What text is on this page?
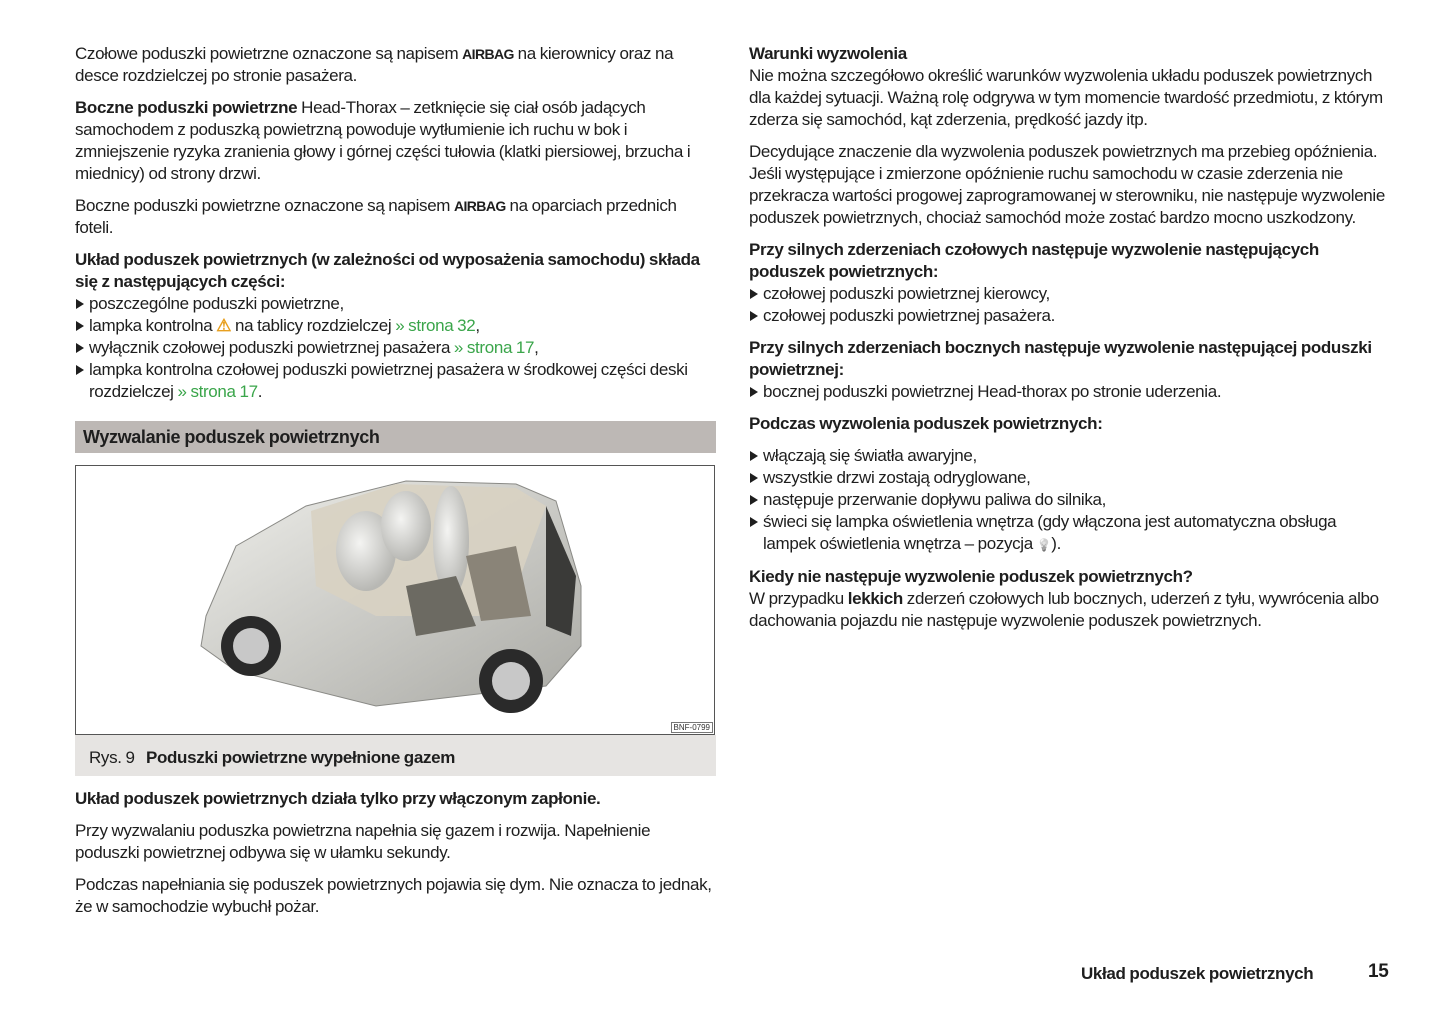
Czołowe poduszki powietrzne oznaczone są napisem AIRBAG na kierownicy oraz na desce rozdzielczej po stronie pasażera.

Boczne poduszki powietrzne Head-Thorax – zetknięcie się ciał osób jadących samochodem z poduszką powietrzną powoduje wytłumienie ich ruchu w bok i zmniejszenie ryzyka zranienia głowy i górnej części tułowia (klatki piersiowej, brzucha i miednicy) od strony drzwi.

Boczne poduszki powietrzne oznaczone są napisem AIRBAG na oparciach przednich foteli.

Układ poduszek powietrznych (w zależności od wyposażenia samochodu) składa się z następujących części:

poszczególne poduszki powietrzne,
lampka kontrolna ⚠ na tablicy rozdzielczej » strona 32,
wyłącznik czołowej poduszki powietrznej pasażera » strona 17,
lampka kontrolna czołowej poduszki powietrznej pasażera w środkowej części deski rozdzielczej » strona 17.
Wyzwalanie poduszek powietrznych
BNF-0799
Rys. 9 Poduszki powietrzne wypełnione gazem

Układ poduszek powietrznych działa tylko przy włączonym zapłonie.

Przy wyzwalaniu poduszka powietrzna napełnia się gazem i rozwija. Napełnienie poduszki powietrznej odbywa się w ułamku sekundy.

Podczas napełniania się poduszek powietrznych pojawia się dym. Nie oznacza to jednak, że w samochodzie wybuchł pożar.

Warunki wyzwolenia
Nie można szczegółowo określić warunków wyzwolenia układu poduszek powietrznych dla każdej sytuacji. Ważną rolę odgrywa w tym momencie twardość przedmiotu, z którym zderza się samochód, kąt zderzenia, prędkość jazdy itp.

Decydujące znaczenie dla wyzwolenia poduszek powietrznych ma przebieg opóźnienia. Jeśli występujące i zmierzone opóźnienie ruchu samochodu w czasie zderzenia nie przekracza wartości progowej zaprogramowanej w sterowniku, nie następuje wyzwolenie poduszek powietrznych, chociaż samochód może zostać bardzo mocno uszkodzony.

Przy silnych zderzeniach czołowych następuje wyzwolenie następujących poduszek powietrznych:

czołowej poduszki powietrznej kierowcy,
czołowej poduszki powietrznej pasażera.

Przy silnych zderzeniach bocznych następuje wyzwolenie następującej poduszki powietrznej:

bocznej poduszki powietrznej Head-thorax po stronie uderzenia.

Podczas wyzwolenia poduszek powietrznych:

włączają się światła awaryjne,
wszystkie drzwi zostają odryglowane,
następuje przerwanie dopływu paliwa do silnika,
świeci się lampka oświetlenia wnętrza (gdy włączona jest automatyczna obsługa lampek oświetlenia wnętrza – pozycja 💡).

Kiedy nie następuje wyzwolenie poduszek powietrznych?
W przypadku lekkich zderzeń czołowych lub bocznych, uderzeń z tyłu, wywrócenia albo dachowania pojazdu nie następuje wyzwolenie poduszek powietrznych.

Układ poduszek powietrznych	15
